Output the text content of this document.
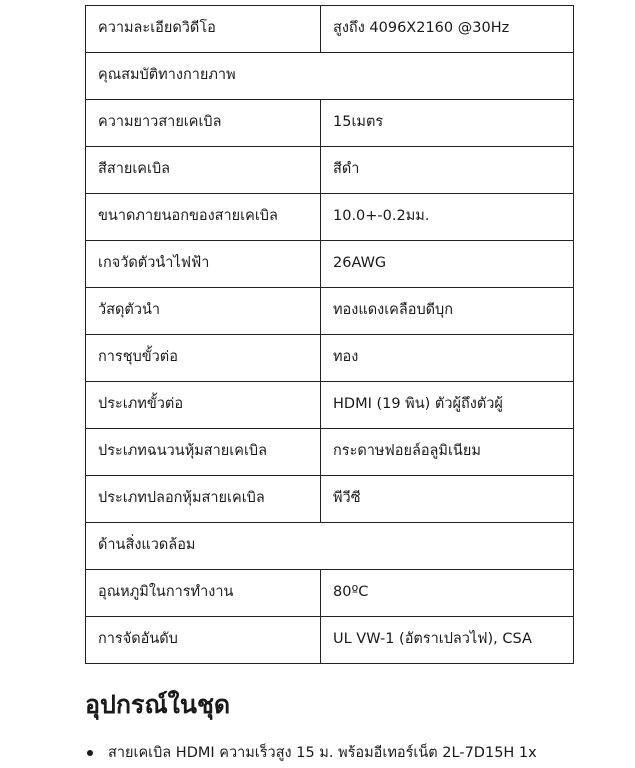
ความละเอียดวิดีโอ	สูงถึง 4096X2160 @30Hz
คุณสมบัติทางกายภาพ	
ความยาวสายเคเบิล	15เมตร
สีสายเคเบิล	สีดำ
ขนาดภายนอกของสายเคเบิล	10.0+-0.2มม.
เกจวัดตัวนำไฟฟ้า	26AWG
วัสดุตัวนำ	ทองแดงเคลือบดีบุก
การชุบขั้วต่อ	ทอง
ประเภทขั้วต่อ	HDMI (19 พิน) ตัวผู้ถึงตัวผู้
ประเภทฉนวนหุ้มสายเคเบิล	กระดาษฟอยล์อลูมิเนียม
ประเภทปลอกหุ้มสายเคเบิล	พีวีซี
ด้านสิ่งแวดล้อม	
อุณหภูมิในการทำงาน	80ºC
การจัดอันดับ	UL VW-1 (อัตราเปลวไฟ), CSA
อุปกรณ์ในชุด
สายเคเบิล HDMI ความเร็วสูง 15 ม. พร้อมอีเทอร์เน็ต 2L-7D15H 1x
